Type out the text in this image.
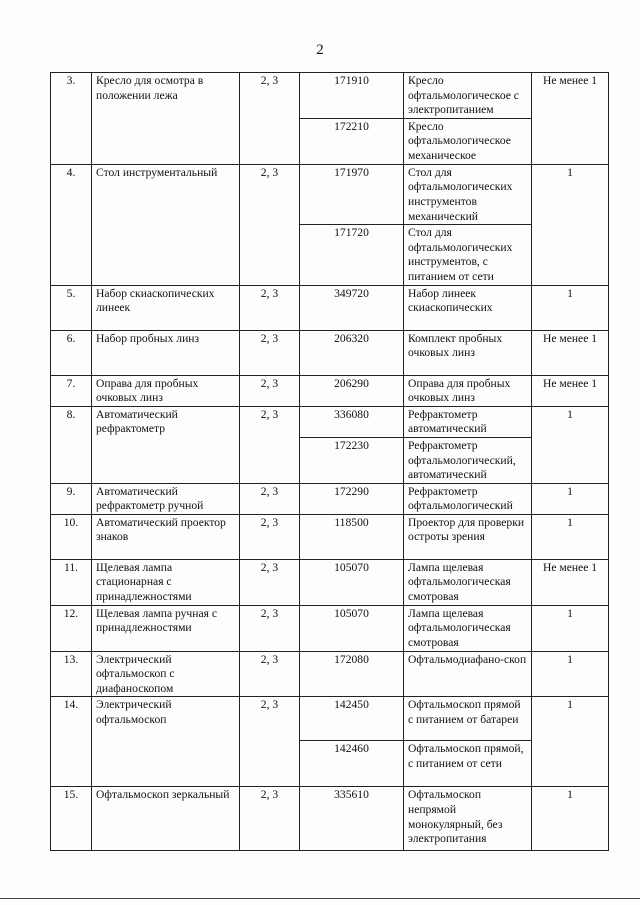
2
3.	Кресло для осмотра в положении лежа	2, 3	171910	Кресло офтальмологическое с электропитанием	Не менее 1
			172210	Кресло офтальмологическое механическое	
4.	Стол инструментальный	2, 3	171970	Стол для офтальмологических инструментов механический	1
			171720	Стол для офтальмологических инструментов, с питанием от сети	
5.	Набор скиаскопических линеек	2, 3	349720	Набор линеек скиаскопических	1
6.	Набор пробных линз	2, 3	206320	Комплект пробных очковых линз	Не менее 1
7.	Оправа для пробных очковых линз	2, 3	206290	Оправа для пробных очковых линз	Не менее 1
8.	Автоматический рефрактометр	2, 3	336080	Рефрактометр автоматический	1
			172230	Рефрактометр офтальмологический, автоматический	
9.	Автоматический рефрактометр ручной	2, 3	172290	Рефрактометр офтальмологический	1
10.	Автоматический проектор знаков	2, 3	118500	Проектор для проверки остроты зрения	1
11.	Щелевая лампа стационарная с принадлежностями	2, 3	105070	Лампа щелевая офтальмологическая смотровая	Не менее 1
12.	Щелевая лампа ручная с принадлежностями	2, 3	105070	Лампа щелевая офтальмологическая смотровая	1
13.	Электрический офтальмоскоп с диафаноскопом	2, 3	172080	Офтальмодиафано-скоп	1
14.	Электрический офтальмоскоп	2, 3	142450	Офтальмоскоп прямой с питанием от батареи	1
			142460	Офтальмоскоп прямой, с питанием от сети	
15.	Офтальмоскоп зеркальный	2, 3	335610	Офтальмоскоп непрямой монокулярный, без электропитания	1
